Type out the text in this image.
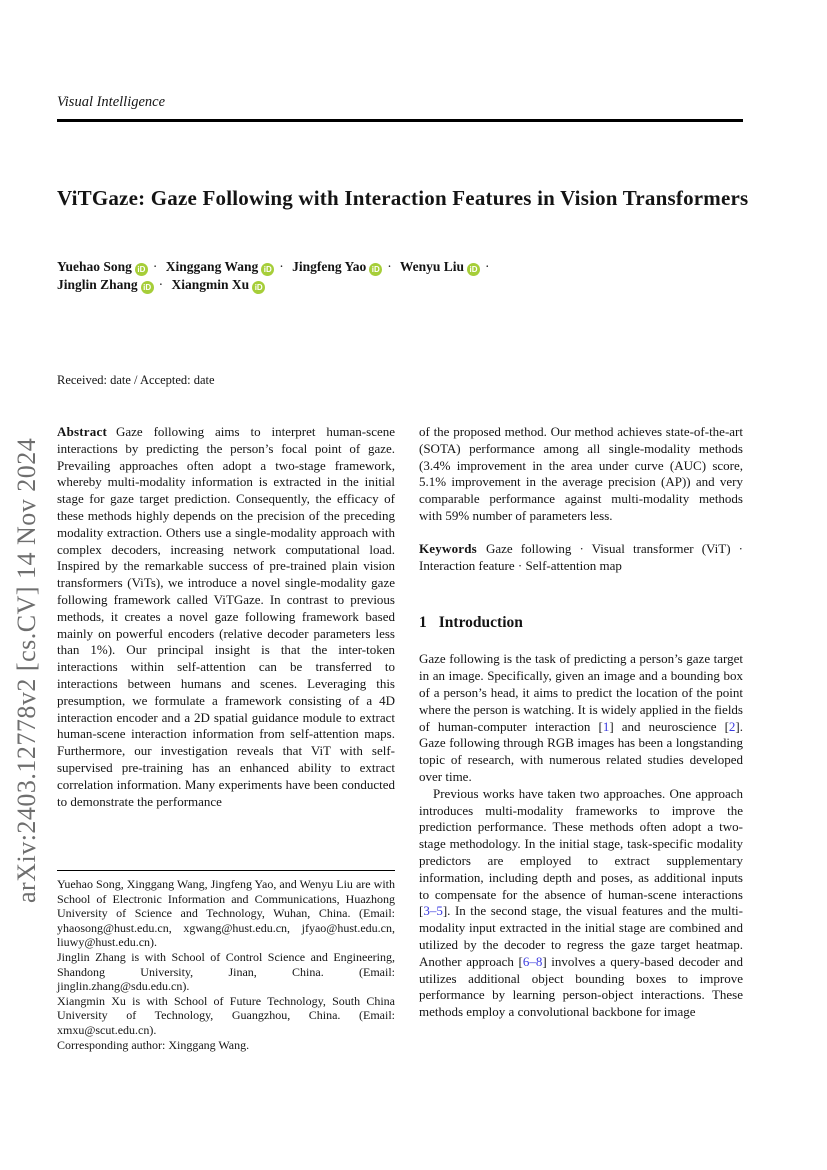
arXiv:2403.12778v2 [cs.CV] 14 Nov 2024
Visual Intelligence
ViTGaze: Gaze Following with Interaction Features in Vision Transformers
Yuehao Song iD · Xinggang Wang iD · Jingfeng Yao iD · Wenyu Liu iD · Jinglin Zhang iD · Xiangmin Xu iD
Received: date / Accepted: date

Abstract Gaze following aims to interpret human-scene interactions by predicting the person’s focal point of gaze. Prevailing approaches often adopt a two-stage framework, whereby multi-modality information is extracted in the initial stage for gaze target prediction. Consequently, the efficacy of these methods highly depends on the precision of the preceding modality extraction. Others use a single-modality approach with complex decoders, increasing network computational load. Inspired by the remarkable success of pre-trained plain vision transformers (ViTs), we introduce a novel single-modality gaze following framework called ViTGaze. In contrast to previous methods, it creates a novel gaze following framework based mainly on powerful encoders (relative decoder parameters less than 1%). Our principal insight is that the inter-token interactions within self-attention can be transferred to interactions between humans and scenes. Leveraging this presumption, we formulate a framework consisting of a 4D interaction encoder and a 2D spatial guidance module to extract human-scene interaction information from self-attention maps. Furthermore, our investigation reveals that ViT with self-supervised pre-training has an enhanced ability to extract correlation information. Many experiments have been conducted to demonstrate the performance

of the proposed method. Our method achieves state-of-the-art (SOTA) performance among all single-modality methods (3.4% improvement in the area under curve (AUC) score, 5.1% improvement in the average precision (AP)) and very comparable performance against multi-modality methods with 59% number of parameters less.

Keywords Gaze following · Visual transformer (ViT) · Interaction feature · Self-attention map

1 Introduction

Gaze following is the task of predicting a person’s gaze target in an image. Specifically, given an image and a bounding box of a person’s head, it aims to predict the location of the point where the person is watching. It is widely applied in the fields of human-computer interaction [1] and neuroscience [2]. Gaze following through RGB images has been a longstanding topic of research, with numerous related studies developed over time.

Previous works have taken two approaches. One approach introduces multi-modality frameworks to improve the prediction performance. These methods often adopt a two-stage methodology. In the initial stage, task-specific modality predictors are employed to extract supplementary information, including depth and poses, as additional inputs to compensate for the absence of human-scene interactions [3–5]. In the second stage, the visual features and the multi-modality input extracted in the initial stage are combined and utilized by the decoder to regress the gaze target heatmap. Another approach [6–8] involves a query-based decoder and utilizes additional object bounding boxes to improve performance by learning person-object interactions. These methods employ a convolutional backbone for image

Yuehao Song, Xinggang Wang, Jingfeng Yao, and Wenyu Liu are with School of Electronic Information and Communications, Huazhong University of Science and Technology, Wuhan, China. (Email: yhaosong@hust.edu.cn, xgwang@hust.edu.cn, jfyao@hust.edu.cn, liuwy@hust.edu.cn).

Jinglin Zhang is with School of Control Science and Engineering, Shandong University, Jinan, China. (Email: jinglin.zhang@sdu.edu.cn).

Xiangmin Xu is with School of Future Technology, South China University of Technology, Guangzhou, China. (Email: xmxu@scut.edu.cn).

Corresponding author: Xinggang Wang.
